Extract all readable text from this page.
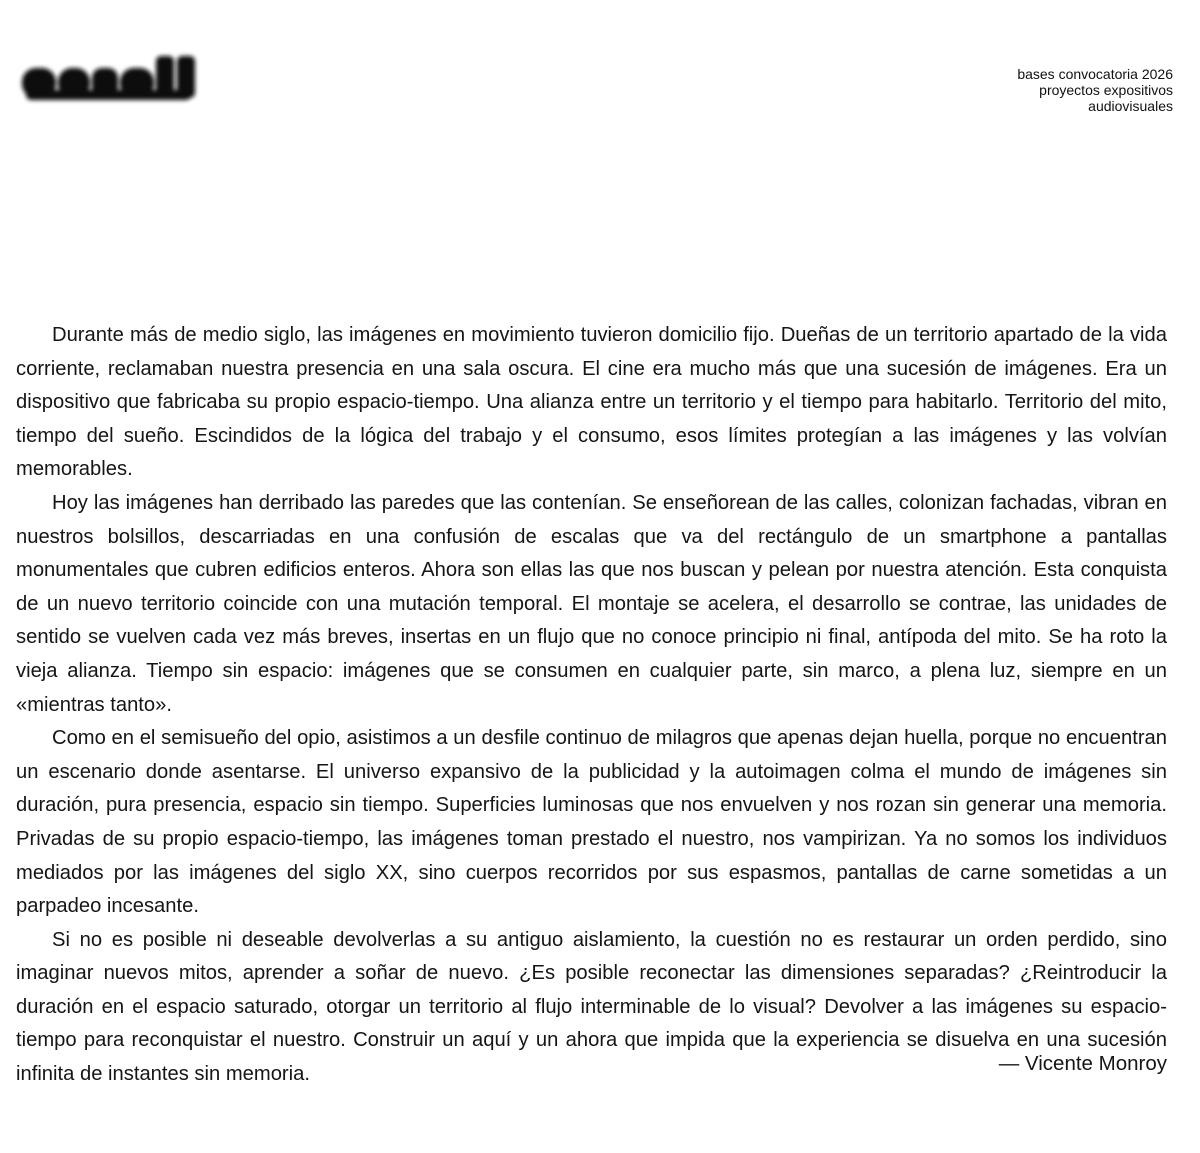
bases convocatoria 2026
proyectos expositivos
audiovisuales

Durante más de medio siglo, las imágenes en movimiento tuvieron domicilio fijo. Dueñas de un territorio apartado de la vida corriente, reclamaban nuestra presencia en una sala oscura. El cine era mucho más que una sucesión de imágenes. Era un dispositivo que fabricaba su propio espacio-tiempo. Una alianza entre un territorio y el tiempo para habitarlo. Territorio del mito, tiempo del sueño. Escindidos de la lógica del trabajo y el consumo, esos límites protegían a las imágenes y las volvían memorables.

Hoy las imágenes han derribado las paredes que las contenían. Se enseñorean de las calles, colonizan fachadas, vibran en nuestros bolsillos, descarriadas en una confusión de escalas que va del rectángulo de un smartphone a pantallas monumentales que cubren edificios enteros. Ahora son ellas las que nos buscan y pelean por nuestra atención. Esta conquista de un nuevo territorio coincide con una mutación temporal. El montaje se acelera, el desarrollo se contrae, las unidades de sentido se vuelven cada vez más breves, insertas en un flujo que no conoce principio ni final, antípoda del mito. Se ha roto la vieja alianza. Tiempo sin espacio: imágenes que se consumen en cualquier parte, sin marco, a plena luz, siempre en un «mientras tanto».

Como en el semisueño del opio, asistimos a un desfile continuo de milagros que apenas dejan huella, porque no encuentran un escenario donde asentarse. El universo expansivo de la publicidad y la autoimagen colma el mundo de imágenes sin duración, pura presencia, espacio sin tiempo. Superficies luminosas que nos envuelven y nos rozan sin generar una memoria. Privadas de su propio espacio-tiempo, las imágenes toman prestado el nuestro, nos vampirizan. Ya no somos los individuos mediados por las imágenes del siglo XX, sino cuerpos recorridos por sus espasmos, pantallas de carne sometidas a un parpadeo incesante.

Si no es posible ni deseable devolverlas a su antiguo aislamiento, la cuestión no es restaurar un orden perdido, sino imaginar nuevos mitos, aprender a soñar de nuevo. ¿Es posible reconectar las dimensiones separadas? ¿Reintroducir la duración en el espacio saturado, otorgar un territorio al flujo interminable de lo visual? Devolver a las imágenes su espacio-tiempo para reconquistar el nuestro. Construir un aquí y un ahora que impida que la experiencia se disuelva en una sucesión infinita de instantes sin memoria.	— Vicente Monroy
